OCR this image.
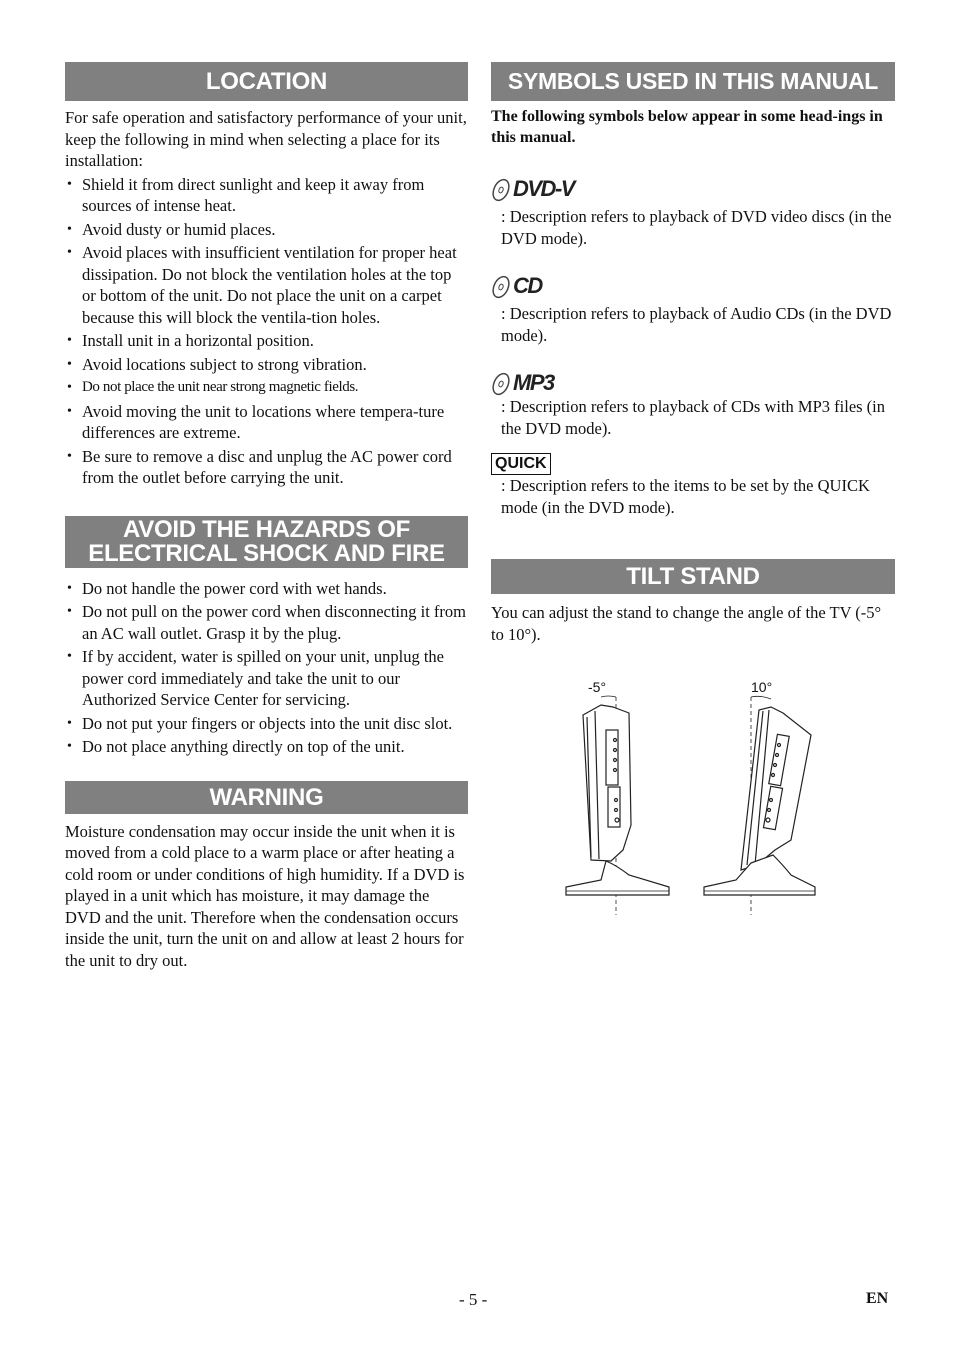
LOCATION

For safe operation and satisfactory performance of your unit, keep the following in mind when selecting a place for its installation:

• Shield it from direct sunlight and keep it away from sources of intense heat.
• Avoid dusty or humid places.
• Avoid places with insufficient ventilation for proper heat dissipation. Do not block the ventilation holes at the top or bottom of the unit. Do not place the unit on a carpet because this will block the ventila-tion holes.
• Install unit in a horizontal position.
• Avoid locations subject to strong vibration.
• Do not place the unit near strong magnetic fields.
• Avoid moving the unit to locations where tempera-ture differences are extreme.
• Be sure to remove a disc and unplug the AC power cord from the outlet before carrying the unit.
AVOID THE HAZARDS OF
ELECTRICAL SHOCK AND FIRE
• Do not handle the power cord with wet hands.
• Do not pull on the power cord when disconnecting it from an AC wall outlet. Grasp it by the plug.
• If by accident, water is spilled on your unit, unplug the power cord immediately and take the unit to our Authorized Service Center for servicing.
• Do not put your fingers or objects into the unit disc slot.
• Do not place anything directly on top of the unit.
WARNING

Moisture condensation may occur inside the unit when it is moved from a cold place to a warm place or after heating a cold room or under conditions of high humidity. If a DVD is played in a unit which has moisture, it may damage the DVD and the unit. Therefore when the condensation occurs inside the unit, turn the unit on and allow at least 2 hours for the unit to dry out.

SYMBOLS USED IN THIS MANUAL

The following symbols below appear in some head-ings in this manual.

DVD-V

: Description refers to playback of DVD video discs (in the DVD mode).

CD

: Description refers to playback of Audio CDs (in the DVD mode).

MP3

: Description refers to playback of CDs with MP3 files (in the DVD mode).

QUICK

: Description refers to the items to be set by the QUICK mode (in the DVD mode).

TILT STAND

You can adjust the stand to change the angle of the TV (-5° to 10°).

-5°	10°
- 5 -	EN
